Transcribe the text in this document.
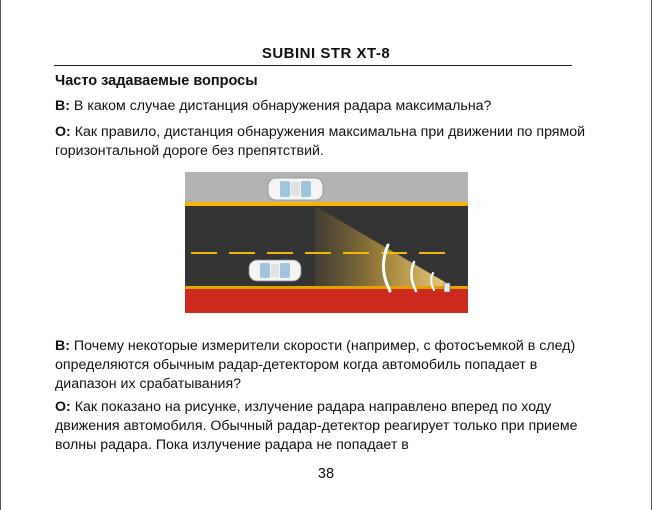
SUBINI STR XT-8
Часто задаваемые вопросы

В: В каком случае дистанция обнаружения радара максимальна?

О: Как правило, дистанция обнаружения максимальна при движении по прямой горизонтальной дороге без препятствий.

В: Почему некоторые измерители скорости (например, с фотосъемкой в след) определяются обычным радар-детектором когда автомобиль попадает в диапазон их срабатывания?

О: Как показано на рисунке, излучение радара направлено вперед по ходу движения автомобиля. Обычный радар-детектор реагирует только при приеме волны радара. Пока излучение радара не попадает в

38
